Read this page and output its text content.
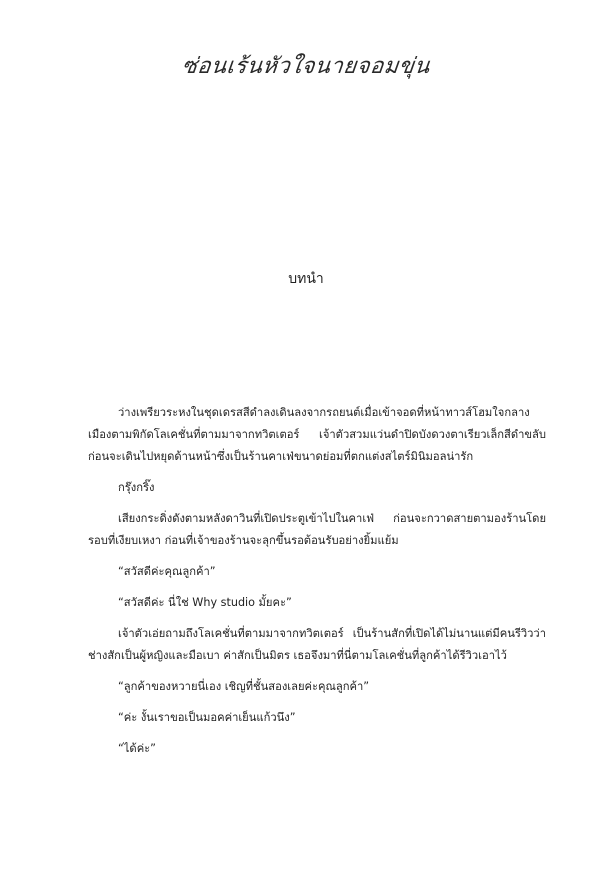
ซ่อนเร้นหัวใจนายจอมขุ่น
บทนำ

ว่างเพรียวระหงในชุดเดรสสีดำลงเดินลงจากรถยนต์เมื่อเข้าจอดที่หน้าทาวส์โฮมใจกลางเมืองตามพิกัดโลเคชั่นที่ตามมาจากทวิตเตอร์ เจ้าตัวสวมแว่นดำปิดบังดวงตาเรียวเล็กสีดำขลับ ก่อนจะเดินไปหยุดด้านหน้าซึ่งเป็นร้านคาเฟ่ขนาดย่อมที่ตกแต่งสไตร์มินิมอลน่ารัก

กรุ๊งกริ๊ง

เสียงกระดิ่งดังตามหลังดาวินที่เปิดประตูเข้าไปในคาเฟ่ ก่อนจะกวาดสายตามองร้านโดยรอบที่เงียบเหงา ก่อนที่เจ้าของร้านจะลุกขึ้นรอต้อนรับอย่างยิ้มแย้ม

“สวัสดีค่ะคุณลูกค้า”

“สวัสดีค่ะ นี่ใช่ Why studio มั้ยคะ”

เจ้าตัวเอ่ยถามถึงโลเคชั่นที่ตามมาจากทวิตเตอร์ เป็นร้านสักที่เปิดได้ไม่นานแต่มีคนรีวิวว่าช่างสักเป็นผู้หญิงและมือเบา ค่าสักเป็นมิตร เธอจึงมาที่นี่ตามโลเคชั่นที่ลูกค้าได้รีวิวเอาไว้

“ลูกค้าของหวายนี่เอง เชิญที่ชั้นสองเลยค่ะคุณลูกค้า”

“ค่ะ งั้นเราขอเป็นมอคค่าเย็นแก้วนึง”

“ได้ค่ะ”
